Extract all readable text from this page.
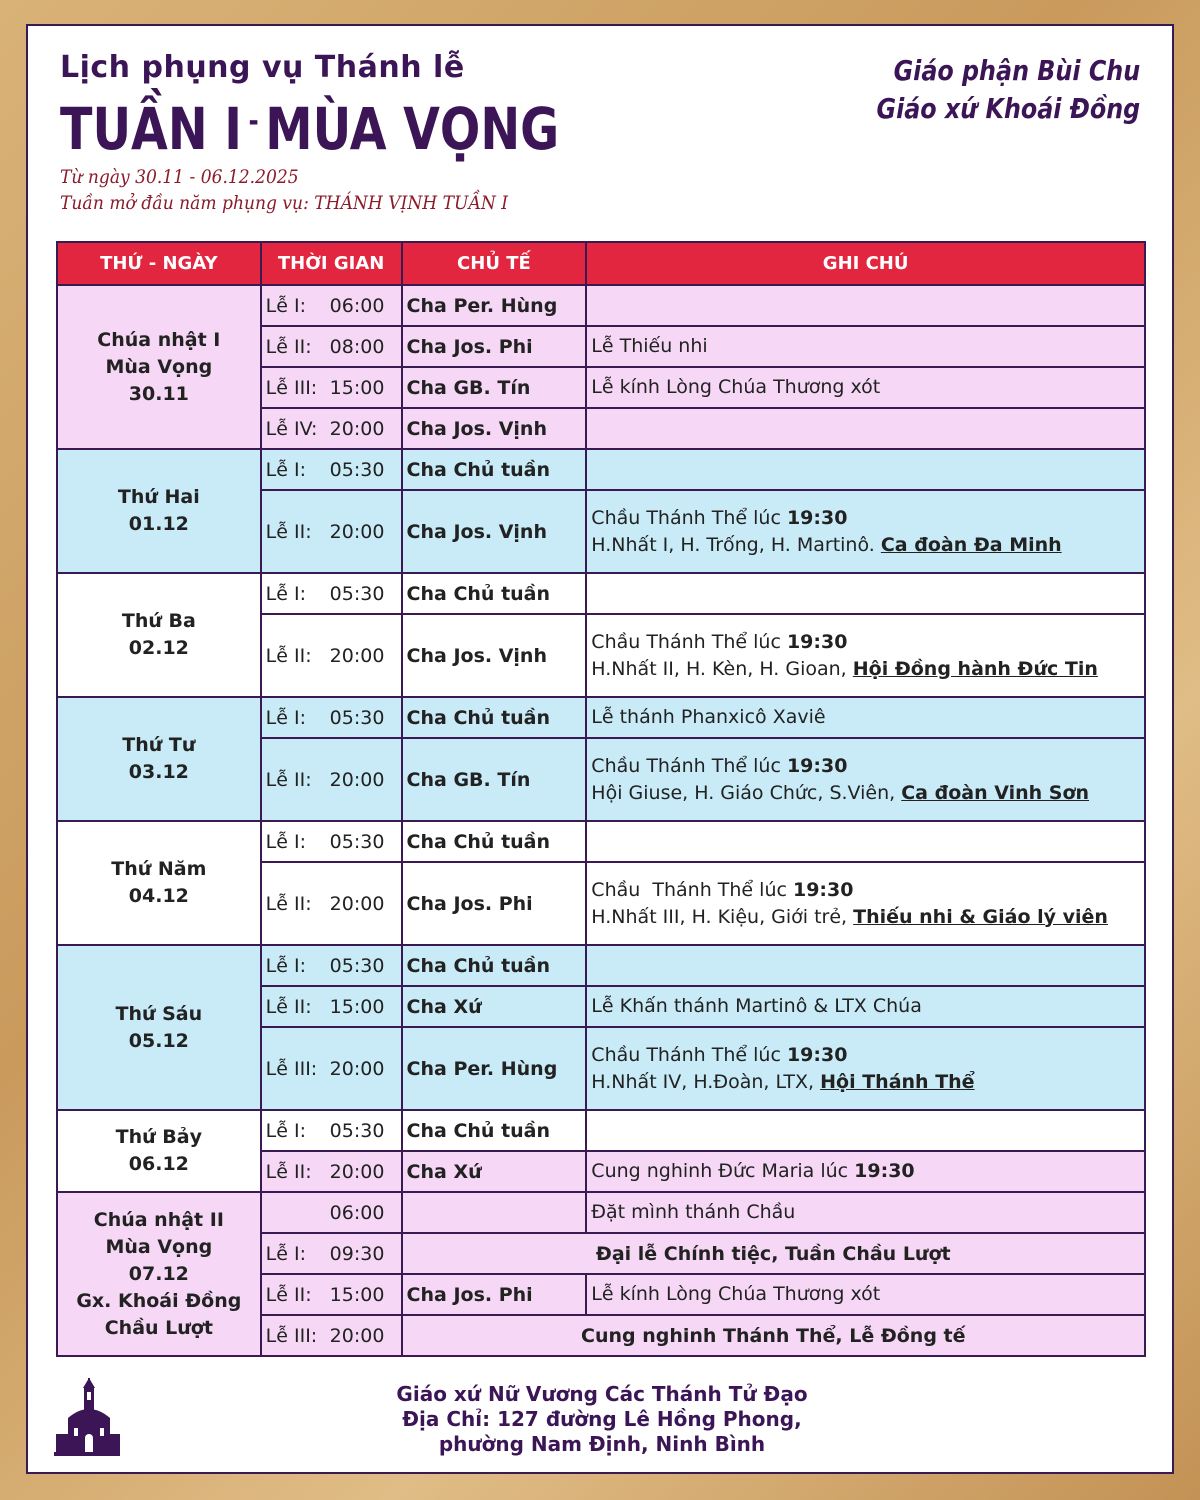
Lịch phụng vụ Thánh lễ
TUẦN I - MÙA VỌNG
Từ ngày 30.11 - 06.12.2025
Tuần mở đầu năm phụng vụ: THÁNH VỊNH TUẦN I
Giáo phận Bùi Chu
Giáo xứ Khoái Đồng
THỨ - NGÀY	THỜI GIAN	CHỦ TẾ	GHI CHÚ

Chúa nhật I
Mùa Vọng
30.11	Lễ I: 06:00	Cha Per. Hùng	
	Lễ II: 08:00	Cha Jos. Phi	Lễ Thiếu nhi
	Lễ III: 15:00	Cha GB. Tín	Lễ kính Lòng Chúa Thương xót
	Lễ IV: 20:00	Cha Jos. Vịnh	

Thứ Hai
01.12	Lễ I: 05:30	Cha Chủ tuần	
	Lễ II: 20:00	Cha Jos. Vịnh	Chầu Thánh Thể lúc 19:30
H.Nhất I, H. Trống, H. Martinô. Ca đoàn Đa Minh

Thứ Ba
02.12	Lễ I: 05:30	Cha Chủ tuần	
	Lễ II: 20:00	Cha Jos. Vịnh	Chầu Thánh Thể lúc 19:30
H.Nhất II, H. Kèn, H. Gioan, Hội Đồng hành Đức Tin

Thứ Tư
03.12	Lễ I: 05:30	Cha Chủ tuần	Lễ thánh Phanxicô Xaviê
	Lễ II: 20:00	Cha GB. Tín	Chầu Thánh Thể lúc 19:30
Hội Giuse, H. Giáo Chức, S.Viên, Ca đoàn Vinh Sơn

Thứ Năm
04.12	Lễ I: 05:30	Cha Chủ tuần	
	Lễ II: 20:00	Cha Jos. Phi	Chầu  Thánh Thể lúc 19:30
H.Nhất III, H. Kiệu, Giới trẻ, Thiếu nhi & Giáo lý viên

Thứ Sáu
05.12	Lễ I: 05:30	Cha Chủ tuần	
	Lễ II: 15:00	Cha Xứ	Lễ Khấn thánh Martinô & LTX Chúa
	Lễ III: 20:00	Cha Per. Hùng	Chầu Thánh Thể lúc 19:30
H.Nhất IV, H.Đoàn, LTX, Hội Thánh Thể

Thứ Bảy
06.12	Lễ I: 05:30	Cha Chủ tuần	
	Lễ II: 20:00	Cha Xứ	Cung nghinh Đức Maria lúc 19:30

Chúa nhật II
Mùa Vọng
07.12
Gx. Khoái Đồng
Chầu Lượt	06:00		Đặt mình thánh Chầu
	Lễ I: 09:30	Đại lễ Chính tiệc, Tuần Chầu Lượt	
	Lễ II: 15:00	Cha Jos. Phi	Lễ kính Lòng Chúa Thương xót
	Lễ III: 20:00	Cung nghinh Thánh Thể, Lễ Đồng tế	
Giáo xứ Nữ Vương Các Thánh Tử Đạo
Địa Chỉ: 127 đường Lê Hồng Phong,
phường Nam Định, Ninh Bình
